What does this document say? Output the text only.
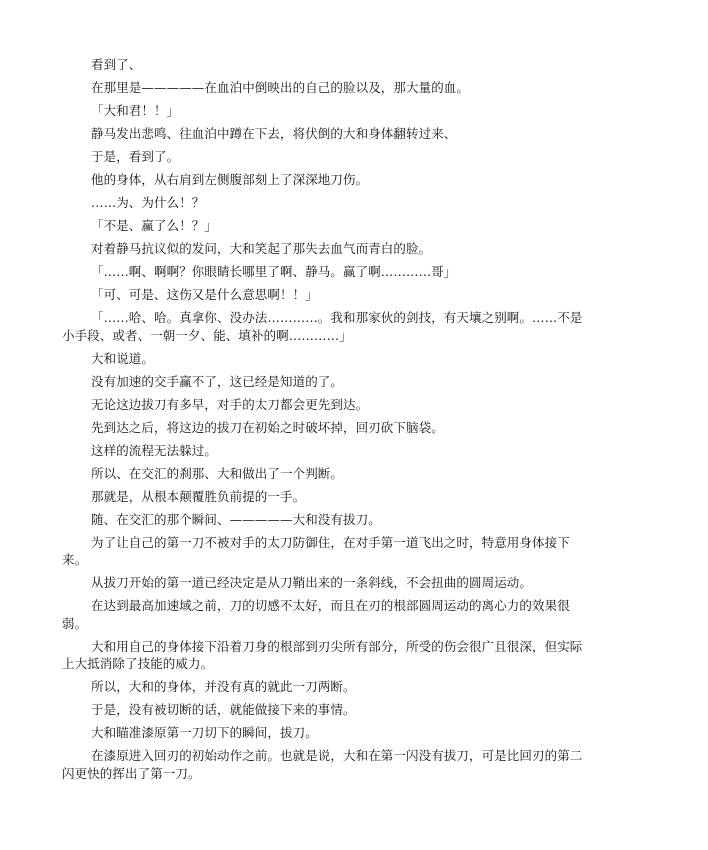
看到了、

在那里是—————在血泊中倒映出的自己的脸以及，那大量的血。

「大和君！！」

静马发出悲鸣、往血泊中蹲在下去，将伏倒的大和身体翻转过来、

于是，看到了。

他的身体，从右肩到左侧腹部刻上了深深地刀伤。

……为、为什么！？

「不是、赢了么！？」

对着静马抗议似的发问，大和笑起了那失去血气而青白的脸。

「……啊、啊啊？你眼睛长哪里了啊、静马。赢了啊…………哥」

「可、可是、这伤又是什么意思啊！！」

「……哈、哈。真拿你、没办法…………。我和那家伙的剑技，有天壤之别啊。……不是小手段、或者、一朝一夕、能、填补的啊…………」

大和说道。

没有加速的交手赢不了，这已经是知道的了。

无论这边拔刀有多早，对手的太刀都会更先到达。

先到达之后，将这边的拔刀在初始之时破坏掉，回刃砍下脑袋。

这样的流程无法躲过。

所以、在交汇的刹那、大和做出了一个判断。

那就是，从根本颠覆胜负前提的一手。

随、在交汇的那个瞬间、—————大和没有拔刀。

为了让自己的第一刀不被对手的太刀防御住，在对手第一道飞出之时，特意用身体接下来。

从拔刀开始的第一道已经决定是从刀鞘出来的一条斜线，不会扭曲的圆周运动。

在达到最高加速域之前，刀的切感不太好，而且在刃的根部圆周运动的离心力的效果很弱。

大和用自己的身体接下沿着刀身的根部到刃尖所有部分，所受的伤会很广且很深，但实际上大抵消除了技能的威力。

所以，大和的身体，并没有真的就此一刀两断。

于是，没有被切断的话，就能做接下来的事情。

大和瞄准漆原第一刀切下的瞬间，拔刀。

在漆原进入回刃的初始动作之前。也就是说，大和在第一闪没有拔刀，可是比回刃的第二闪更快的挥出了第一刀。
